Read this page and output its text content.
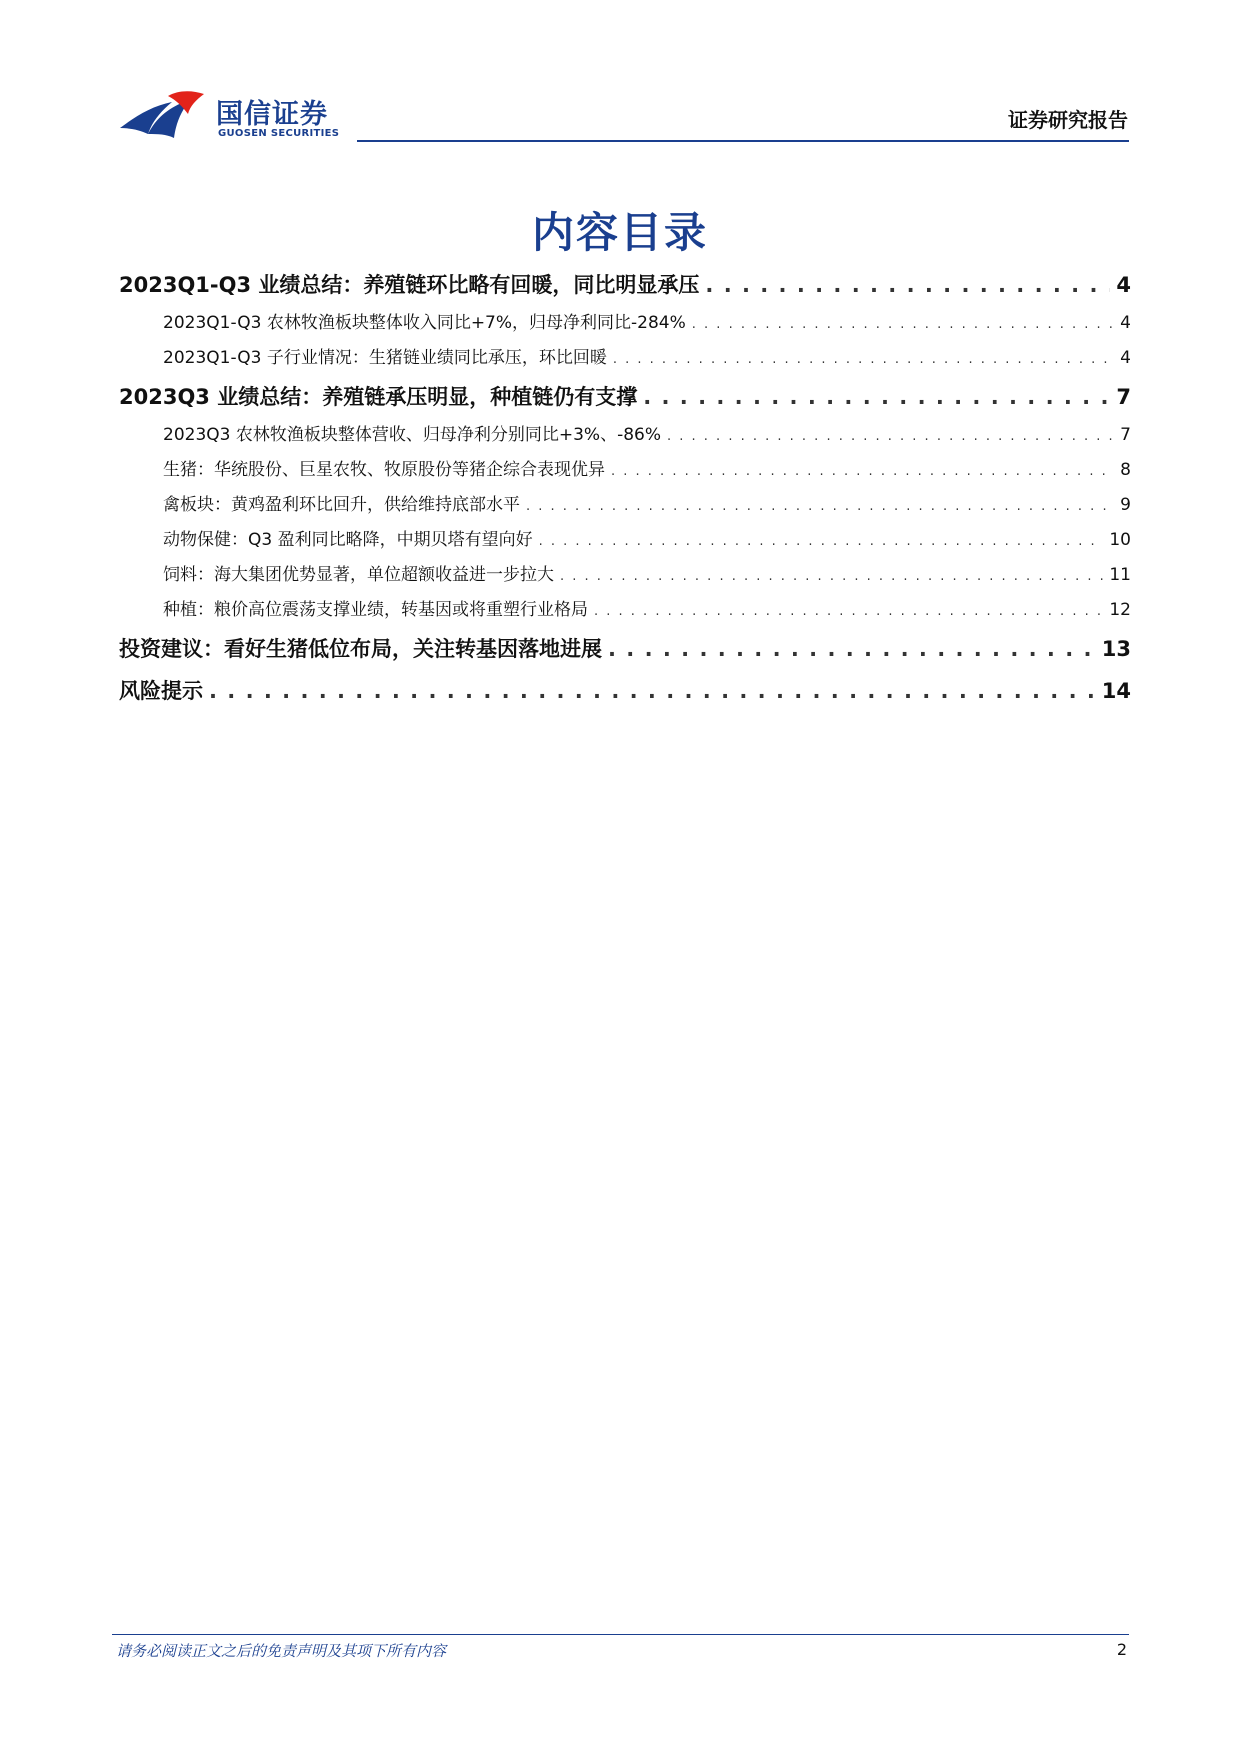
国信证券
GUOSEN SECURITIES
证券研究报告
内容目录
2023Q1-Q3 业绩总结：养殖链环比略有回暖，同比明显承压 . . .	4
2023Q1-Q3 农林牧渔板块整体收入同比+7%，归母净利同比-284% . . .	4
2023Q1-Q3 子行业情况：生猪链业绩同比承压，环比回暖 . . .	4
2023Q3 业绩总结：养殖链承压明显，种植链仍有支撑 . . .	7
2023Q3 农林牧渔板块整体营收、归母净利分别同比+3%、-86% . . .	7
生猪：华统股份、巨星农牧、牧原股份等猪企综合表现优异 . . .	8
禽板块：黄鸡盈利环比回升，供给维持底部水平 . . .	9
动物保健：Q3 盈利同比略降，中期贝塔有望向好 . . .	10
饲料：海大集团优势显著，单位超额收益进一步拉大 . . .	11
种植：粮价高位震荡支撑业绩，转基因或将重塑行业格局 . . .	12
投资建议：看好生猪低位布局，关注转基因落地进展 . . .	13
风险提示 . . .	14
请务必阅读正文之后的免责声明及其项下所有内容	2
